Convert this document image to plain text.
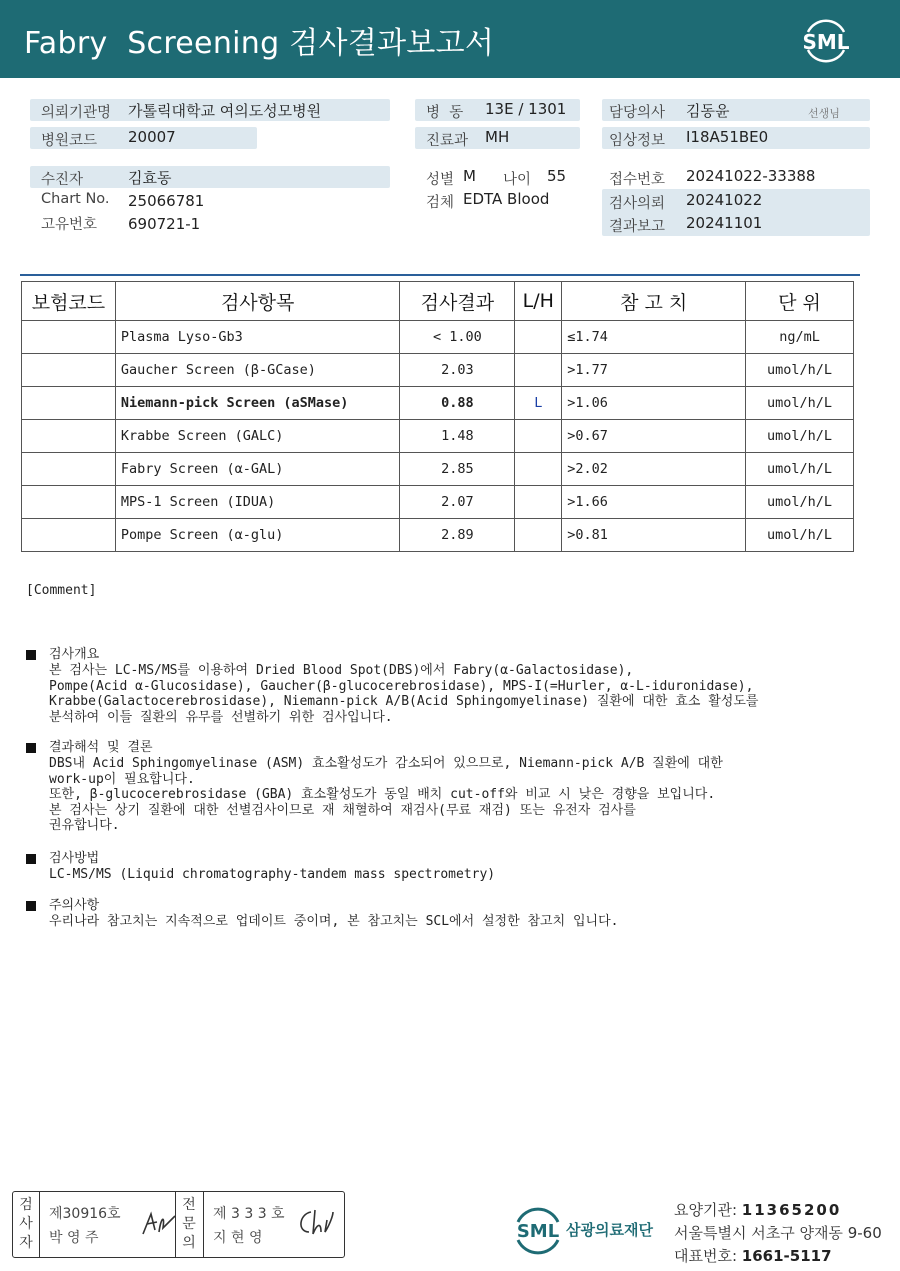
Fabry  Screening 검사결과보고서	SML
의뢰기관명 가톨릭대학교 여의도성모병원
병원코드 20007
수진자	김효동
Chart No. 25066781
고유번호 690721-1
병  동 13E / 1301
진료과 MH
성별 M 나이 55
검체 EDTA Blood
담당의사 김동윤	선생님
임상정보 I18A51BE0
접수번호 20241022-33388
검사의뢰 20241022
결과보고 20241101
보험코드	검사항목	검사결과	L/H	참 고 치	단 위
	Plasma Lyso-Gb3	< 1.00		≤1.74	ng/mL
	Gaucher Screen (β-GCase)	2.03		>1.77	umol/h/L
	Niemann-pick Screen (aSMase)	0.88	L	>1.06	umol/h/L
	Krabbe Screen (GALC)	1.48		>0.67	umol/h/L
	Fabry Screen (α-GAL)	2.85		>2.02	umol/h/L
	MPS-1 Screen (IDUA)	2.07		>1.66	umol/h/L
	Pompe Screen (α-glu)	2.89		>0.81	umol/h/L
[Comment]
검사개요
본 검사는 LC-MS/MS를 이용하여 Dried Blood Spot(DBS)에서 Fabry(α-Galactosidase),
Pompe(Acid α-Glucosidase), Gaucher(β-glucocerebrosidase), MPS-I(=Hurler, α-L-iduronidase),
Krabbe(Galactocerebrosidase), Niemann-pick A/B(Acid Sphingomyelinase) 질환에 대한 효소 활성도를
분석하여 이들 질환의 유무를 선별하기 위한 검사입니다.
결과해석 및 결론
DBS내 Acid Sphingomyelinase (ASM) 효소활성도가 감소되어 있으므로, Niemann-pick A/B 질환에 대한
work-up이 필요합니다.
또한, β-glucocerebrosidase (GBA) 효소활성도가 동일 배치 cut-off와 비교 시 낮은 경향을 보입니다.
본 검사는 상기 질환에 대한 선별검사이므로 재 채혈하여 재검사(무료 재검) 또는 유전자 검사를
권유합니다.
검사방법
LC-MS/MS (Liquid chromatography-tandem mass spectrometry)
주의사항
우리나라 참고치는 지속적으로 업데이트 중이며, 본 참고치는 SCL에서 설정한 참고치 입니다.
검
사
자
제30916호
박 영 주
전
문
의
제 3 3 3 호
지 현 영	SML 삼광의료재단
요양기관: 11365200
서울특별시 서초구 양재동 9-60
대표번호: 1661-5117
